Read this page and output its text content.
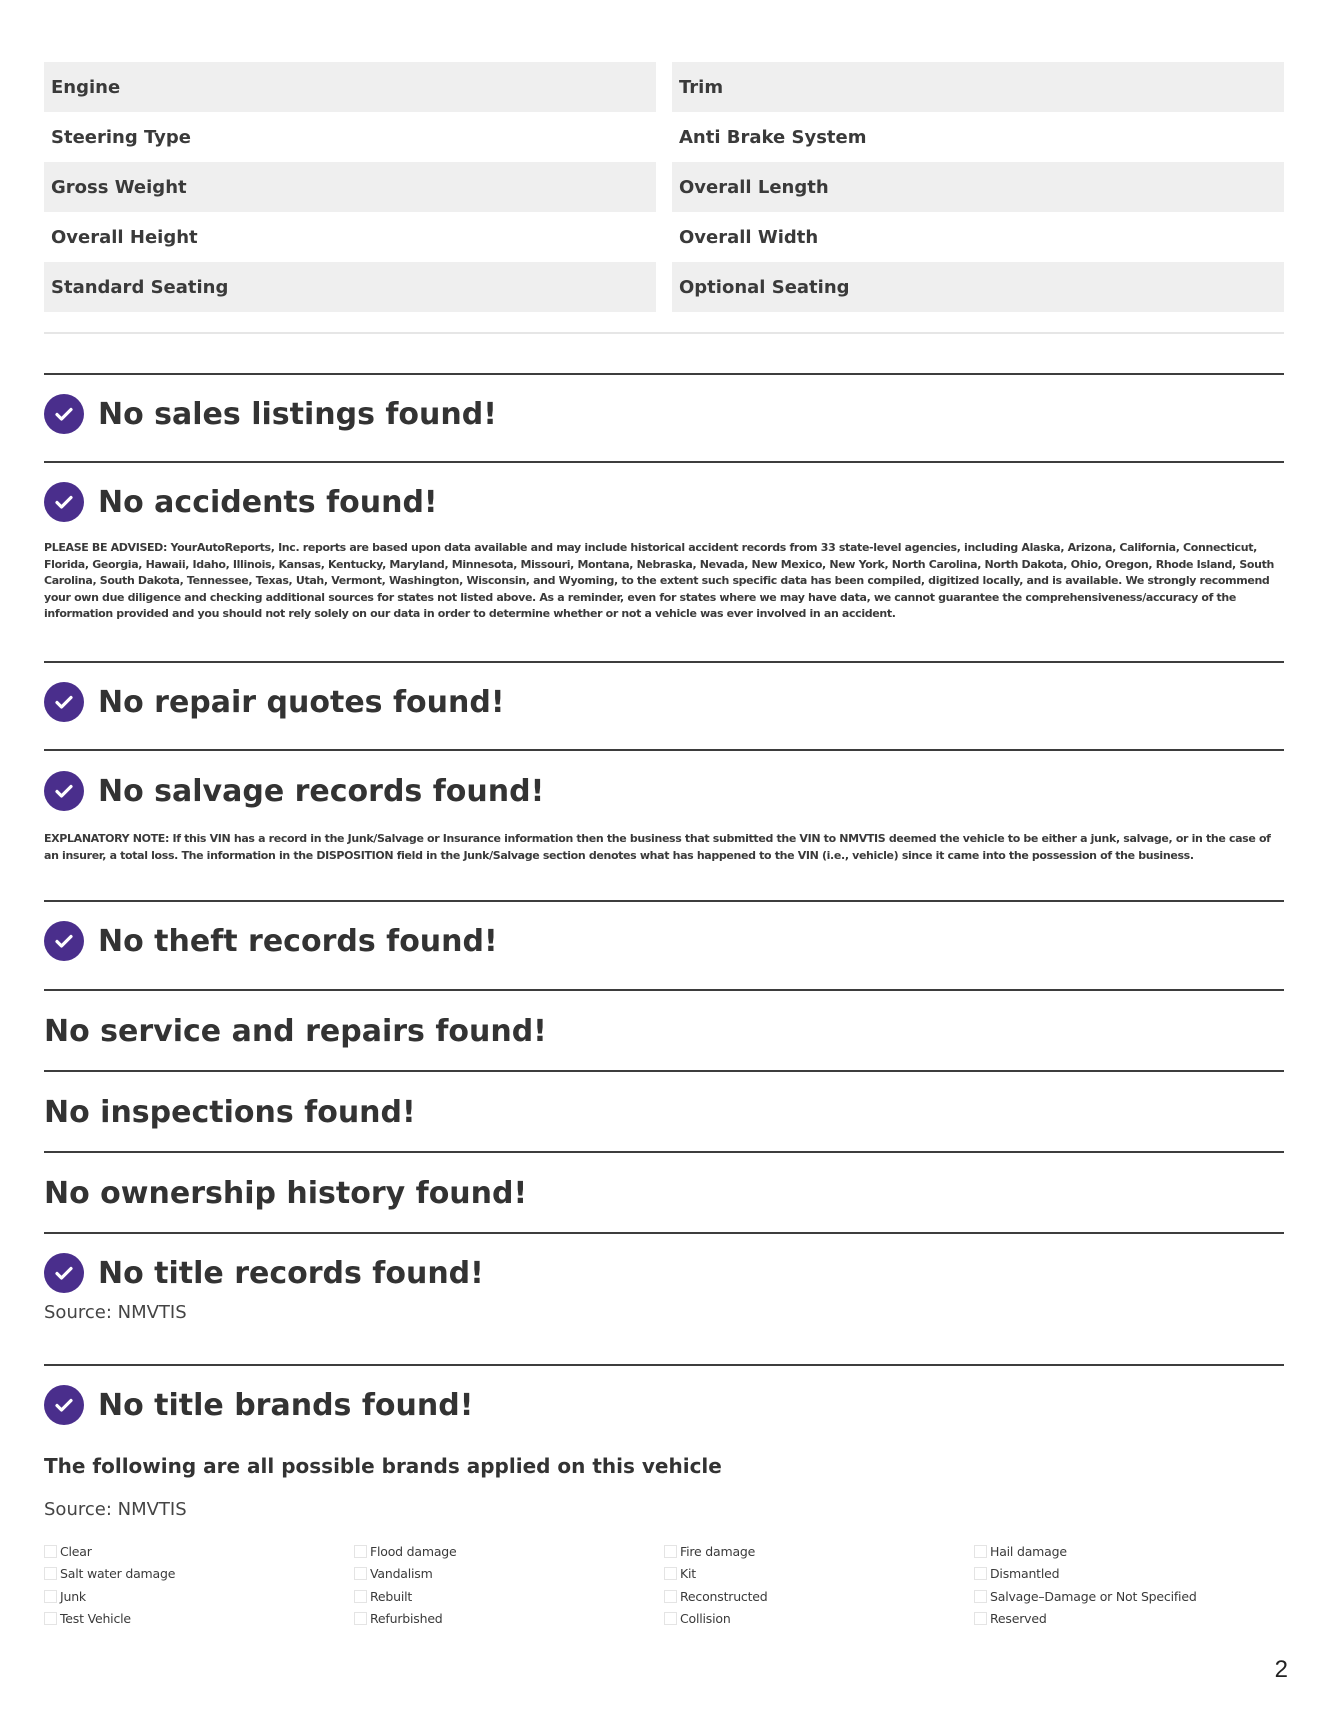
Engine	Trim
Steering Type	Anti Brake System
Gross Weight	Overall Length
Overall Height	Overall Width
Standard Seating	Optional Seating
No sales listings found!
No accidents found!
PLEASE BE ADVISED: YourAutoReports, Inc. reports are based upon data available and may include historical accident records from 33 state-level agencies, including Alaska, Arizona, California, Connecticut, Florida, Georgia, Hawaii, Idaho, Illinois, Kansas, Kentucky, Maryland, Minnesota, Missouri, Montana, Nebraska, Nevada, New Mexico, New York, North Carolina, North Dakota, Ohio, Oregon, Rhode Island, South Carolina, South Dakota, Tennessee, Texas, Utah, Vermont, Washington, Wisconsin, and Wyoming, to the extent such specific data has been compiled, digitized locally, and is available. We strongly recommend your own due diligence and checking additional sources for states not listed above. As a reminder, even for states where we may have data, we cannot guarantee the comprehensiveness/accuracy of the information provided and you should not rely solely on our data in order to determine whether or not a vehicle was ever involved in an accident.
No repair quotes found!
No salvage records found!
EXPLANATORY NOTE: If this VIN has a record in the Junk/Salvage or Insurance information then the business that submitted the VIN to NMVTIS deemed the vehicle to be either a junk, salvage, or in the case of an insurer, a total loss. The information in the DISPOSITION field in the Junk/Salvage section denotes what has happened to the VIN (i.e., vehicle) since it came into the possession of the business.
No theft records found!
No service and repairs found!
No inspections found!
No ownership history found!
No title records found!
Source: NMVTIS
No title brands found!
The following are all possible brands applied on this vehicle
Source: NMVTIS
Clear	Flood damage	Fire damage	Hail damage
Salt water damage	Vandalism	Kit	Dismantled
Junk	Rebuilt	Reconstructed	Salvage–Damage or Not Specified
Test Vehicle	Refurbished	Collision	Reserved
2
